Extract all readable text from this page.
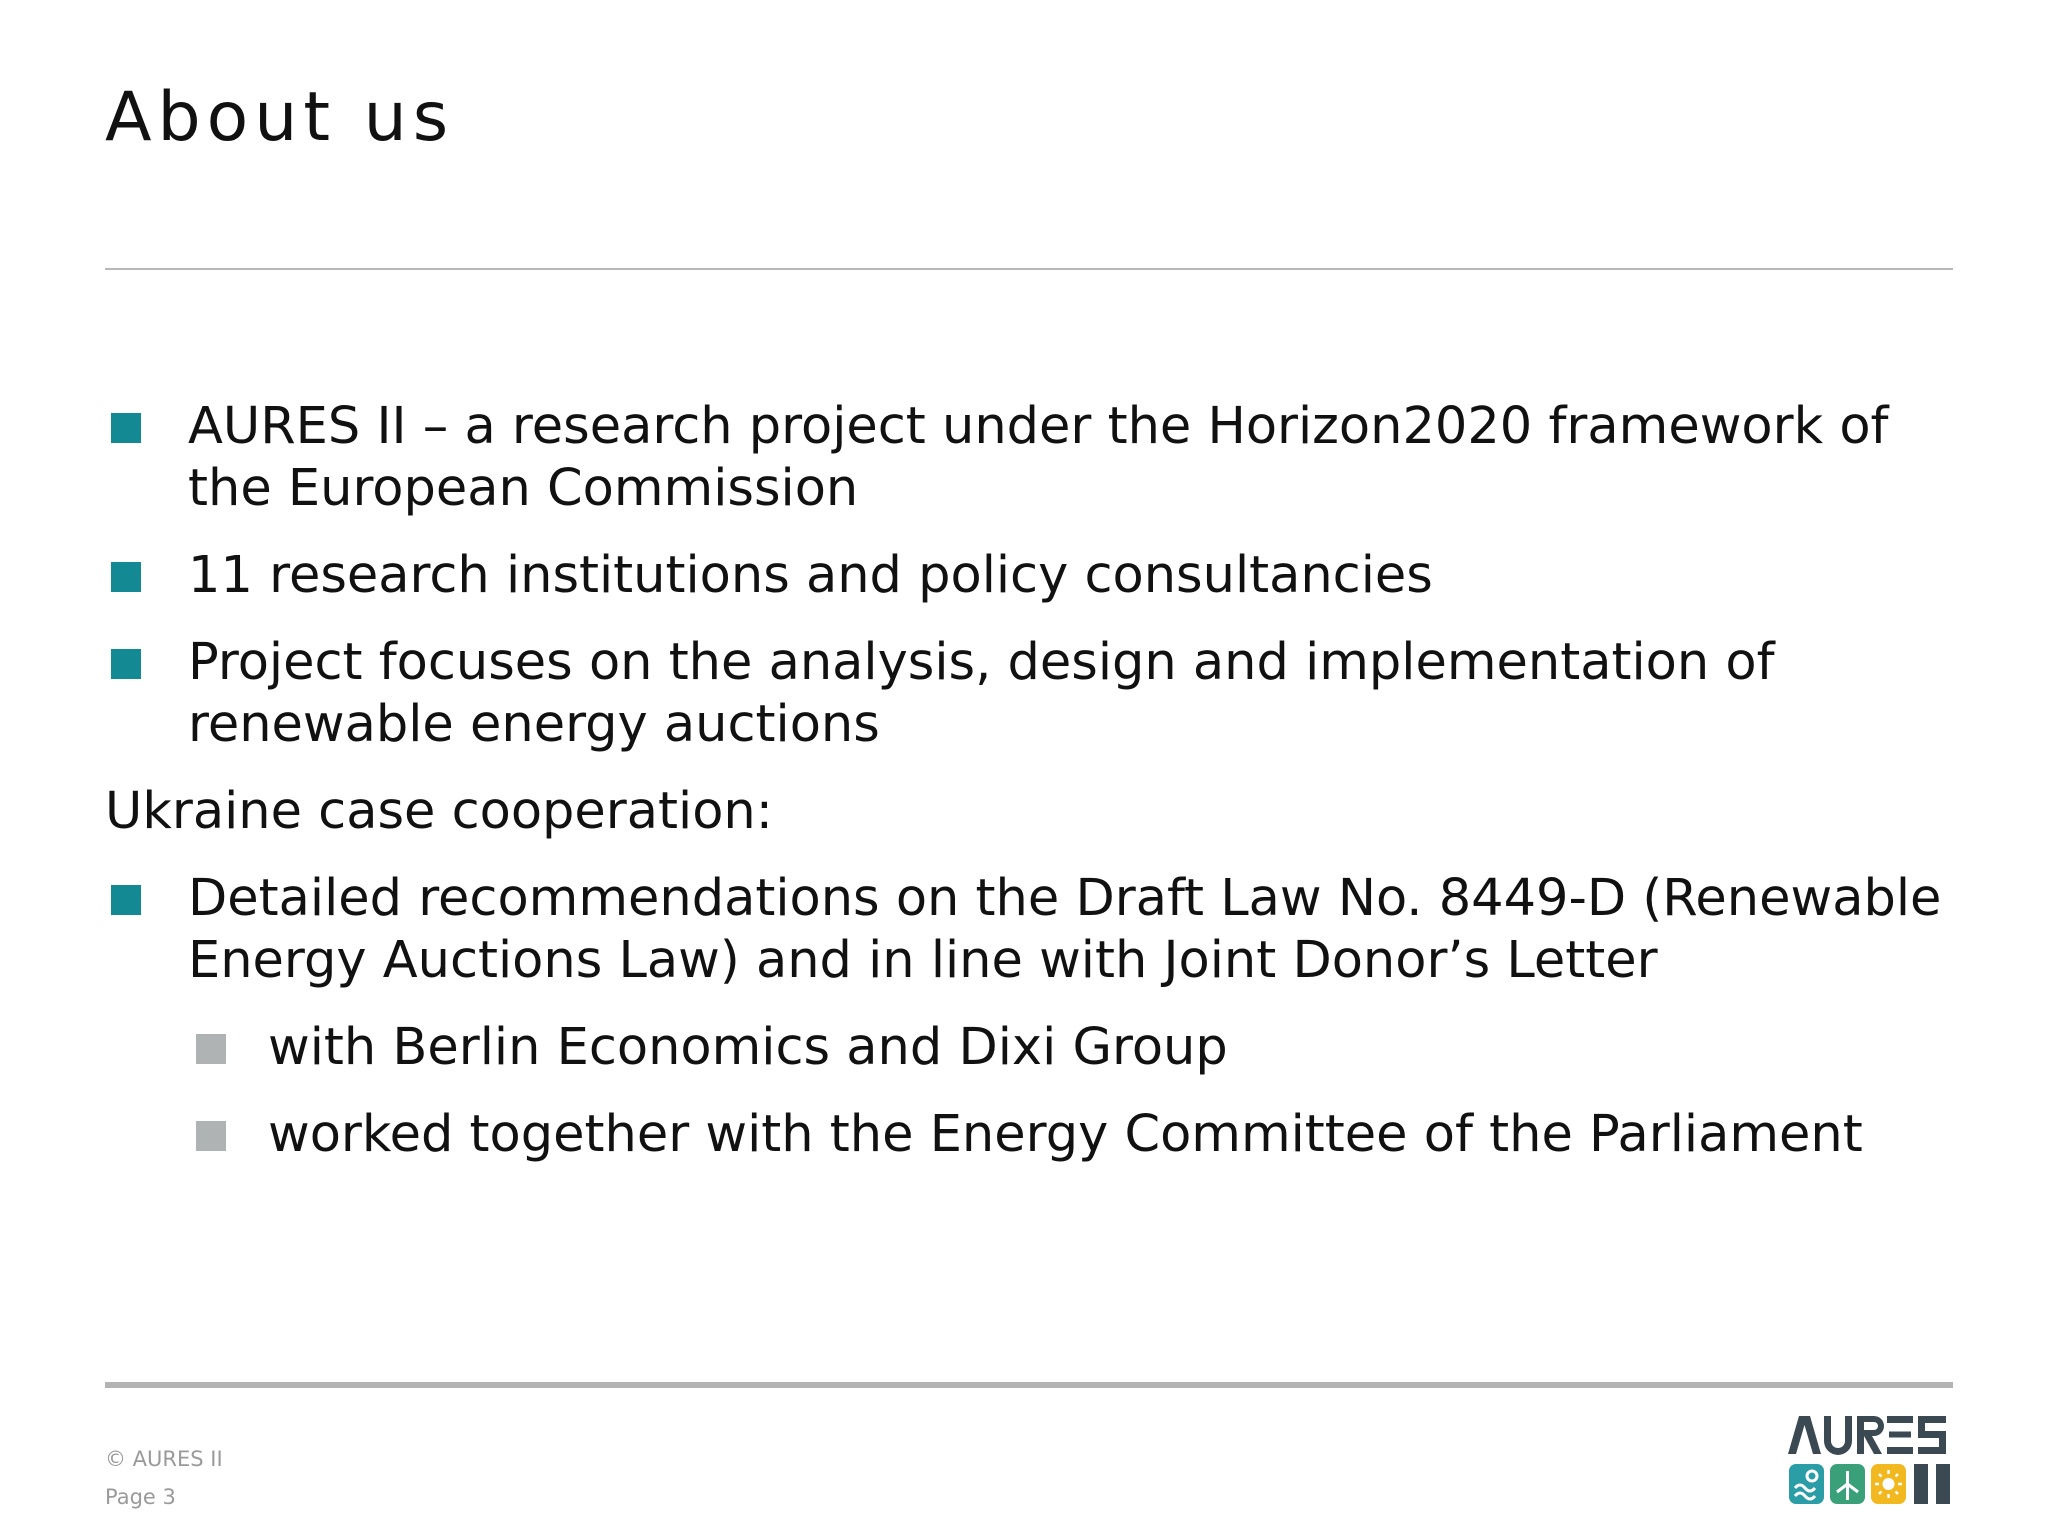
About us
AURES II – a research project under the Horizon2020 framework of the European Commission
11 research institutions and policy consultancies
Project focuses on the analysis, design and implementation of renewable energy auctions
Ukraine case cooperation:
Detailed recommendations on the Draft Law No. 8449-D (Renewable Energy Auctions Law) and in line with Joint Donor’s Letter
with Berlin Economics and Dixi Group
worked together with the Energy Committee of the Parliament
© AURES II
Page 3
